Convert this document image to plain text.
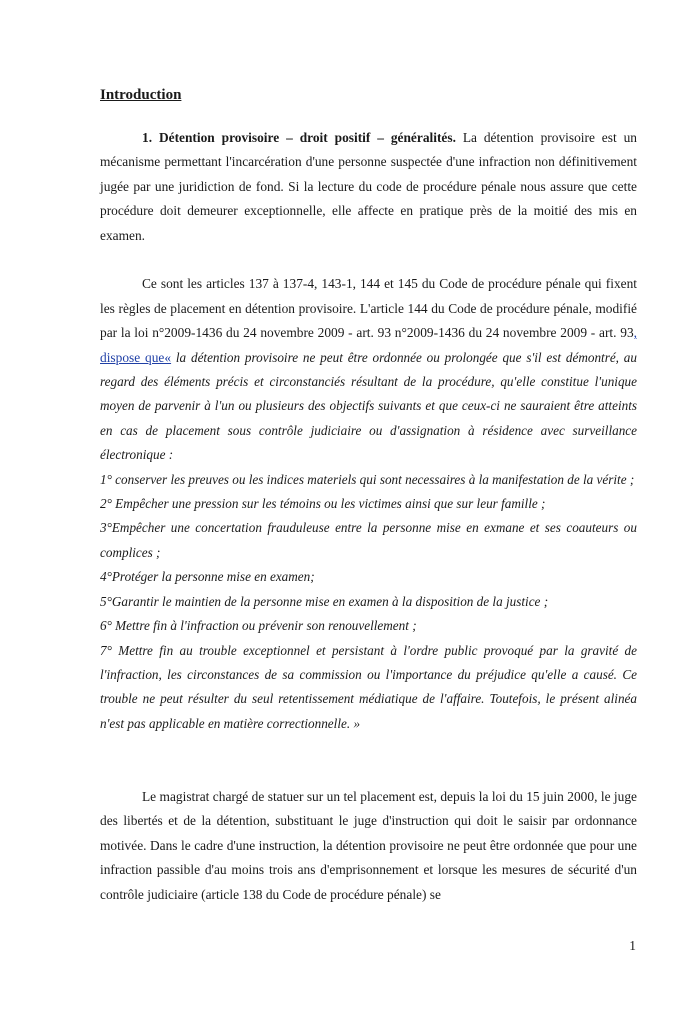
Introduction

1. Détention provisoire – droit positif – généralités. La détention provisoire est un mécanisme permettant l'incarcération d'une personne suspectée d'une infraction non définitivement jugée par une juridiction de fond. Si la lecture du code de procédure pénale nous assure que cette procédure doit demeurer exceptionnelle, elle affecte en pratique près de la moitié des mis en examen.

Ce sont les articles 137 à 137-4, 143-1, 144 et 145 du Code de procédure pénale qui fixent les règles de placement en détention provisoire. L'article 144 du Code de procédure pénale, modifié par la loi n°2009-1436 du 24 novembre 2009 - art. 93 n°2009-1436 du 24 novembre 2009 - art. 93, dispose que« la détention provisoire ne peut être ordonnée ou prolongée que s'il est démontré, au regard des éléments précis et circonstanciés résultant de la procédure, qu'elle constitue l'unique moyen de parvenir à l'un ou plusieurs des objectifs suivants et que ceux-ci ne sauraient être atteints en cas de placement sous contrôle judiciaire ou d'assignation à résidence avec surveillance électronique :

1° conserver les preuves ou les indices materiels qui sont necessaires à la manifestation de la vérite ;

2° Empêcher une pression sur les témoins ou les victimes ainsi que sur leur famille ;

3°Empêcher une concertation frauduleuse entre la personne mise en exmane et ses coauteurs ou complices ;

4°Protéger la personne mise en examen;

5°Garantir le maintien de la personne mise en examen à la disposition de la justice ;

6° Mettre fin à l'infraction ou prévenir son renouvellement ;

7° Mettre fin au trouble exceptionnel et persistant à l'ordre public provoqué par la gravité de l'infraction, les circonstances de sa commission ou l'importance du préjudice qu'elle a causé. Ce trouble ne peut résulter du seul retentissement médiatique de l'affaire. Toutefois, le présent alinéa n'est pas applicable en matière correctionnelle. »

Le magistrat chargé de statuer sur un tel placement est, depuis la loi du 15 juin 2000, le juge des libertés et de la détention, substituant le juge d'instruction qui doit le saisir par ordonnance motivée. Dans le cadre d'une instruction, la détention provisoire ne peut être ordonnée que pour une infraction passible d'au moins trois ans d'emprisonnement et lorsque les mesures de sécurité d'un contrôle judiciaire (article 138 du Code de procédure pénale) se

1
